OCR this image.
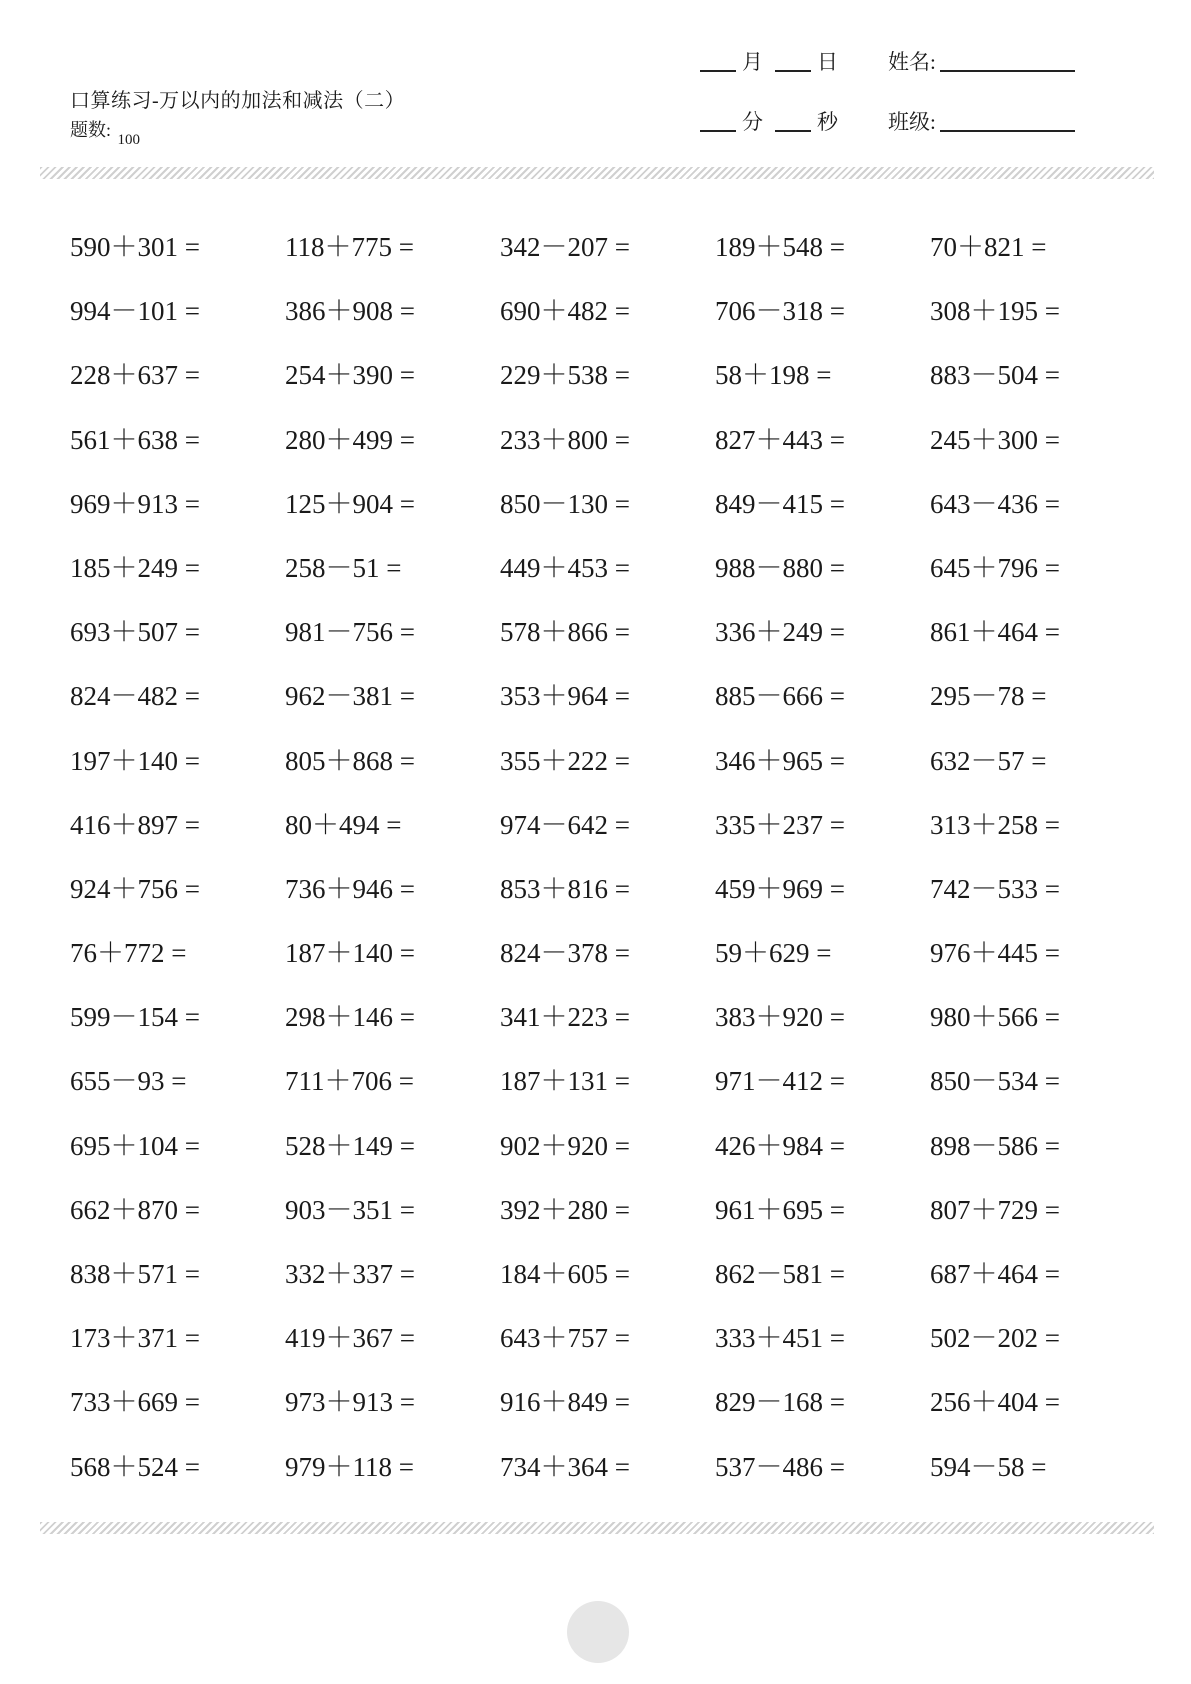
口算练习-万以内的加法和减法（二）
题数: $_{100}$
月	日 姓名:
分	秒 班级:
590＋301 =	118＋775 =	342－207 =	189＋548 =	70＋821 =
994－101 =	386＋908 =	690＋482 =	706－318 =	308＋195 =
228＋637 =	254＋390 =	229＋538 =	58＋198 =	883－504 =
561＋638 =	280＋499 =	233＋800 =	827＋443 =	245＋300 =
969＋913 =	125＋904 =	850－130 =	849－415 =	643－436 =
185＋249 =	258－51 =	449＋453 =	988－880 =	645＋796 =
693＋507 =	981－756 =	578＋866 =	336＋249 =	861＋464 =
824－482 =	962－381 =	353＋964 =	885－666 =	295－78 =
197＋140 =	805＋868 =	355＋222 =	346＋965 =	632－57 =
416＋897 =	80＋494 =	974－642 =	335＋237 =	313＋258 =
924＋756 =	736＋946 =	853＋816 =	459＋969 =	742－533 =
76＋772 =	187＋140 =	824－378 =	59＋629 =	976＋445 =
599－154 =	298＋146 =	341＋223 =	383＋920 =	980＋566 =
655－93 =	711＋706 =	187＋131 =	971－412 =	850－534 =
695＋104 =	528＋149 =	902＋920 =	426＋984 =	898－586 =
662＋870 =	903－351 =	392＋280 =	961＋695 =	807＋729 =
838＋571 =	332＋337 =	184＋605 =	862－581 =	687＋464 =
173＋371 =	419＋367 =	643＋757 =	333＋451 =	502－202 =
733＋669 =	973＋913 =	916＋849 =	829－168 =	256＋404 =
568＋524 =	979＋118 =	734＋364 =	537－486 =	594－58 =
